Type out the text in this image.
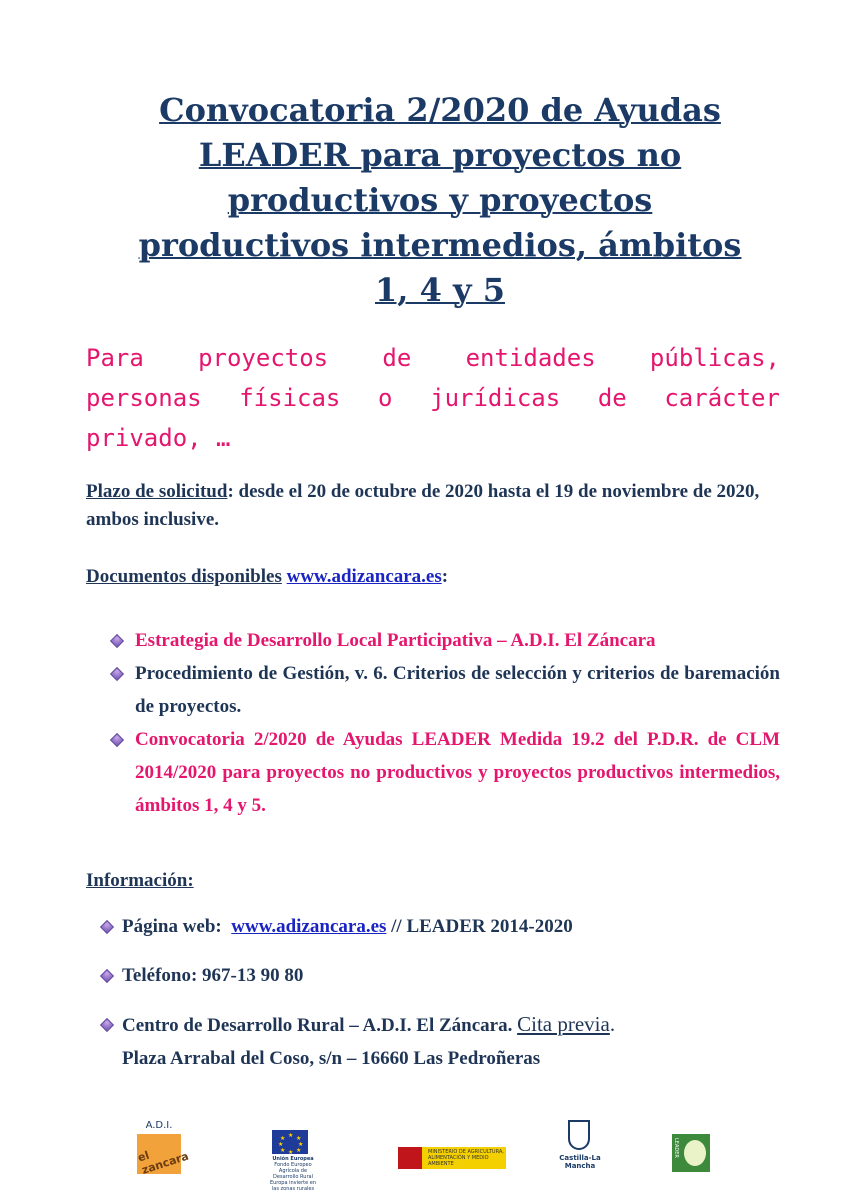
Convocatoria 2/2020 de Ayudas
LEADER para proyectos no
productivos y proyectos
productivos intermedios, ámbitos
1, 4 y 5
Para proyectos de entidades públicas,
personas físicas o jurídicas de carácter
privado, …
Plazo de solicitud: desde el 20 de octubre de 2020 hasta el 19 de noviembre de 2020, ambos inclusive.
Documentos disponibles www.adizancara.es:
Estrategia de Desarrollo Local Participativa – A.D.I. El Záncara
Procedimiento de Gestión, v. 6. Criterios de selección y criterios de baremación de proyectos.
Convocatoria 2/2020 de Ayudas LEADER Medida 19.2 del P.D.R. de CLM 2014/2020 para proyectos no productivos y proyectos productivos intermedios, ámbitos 1, 4 y 5.
Información:
Página web: www.adizancara.es // LEADER 2014-2020
Teléfono: 967-13 90 80
Centro de Desarrollo Rural – A.D.I. El Záncara. Cita previa.
Plaza Arrabal del Coso, s/n – 16660 Las Pedroñeras
A.D.I.
el zancara
★ ★
★
★
★
★
★
★
Unión Europea
Fondo Europeo Agrícola de Desarrollo Rural
Europa invierte en las zonas rurales
MINISTERIO DE AGRICULTURA, ALIMENTACIÓN Y MEDIO AMBIENTE
Castilla-La Mancha
LEADER
